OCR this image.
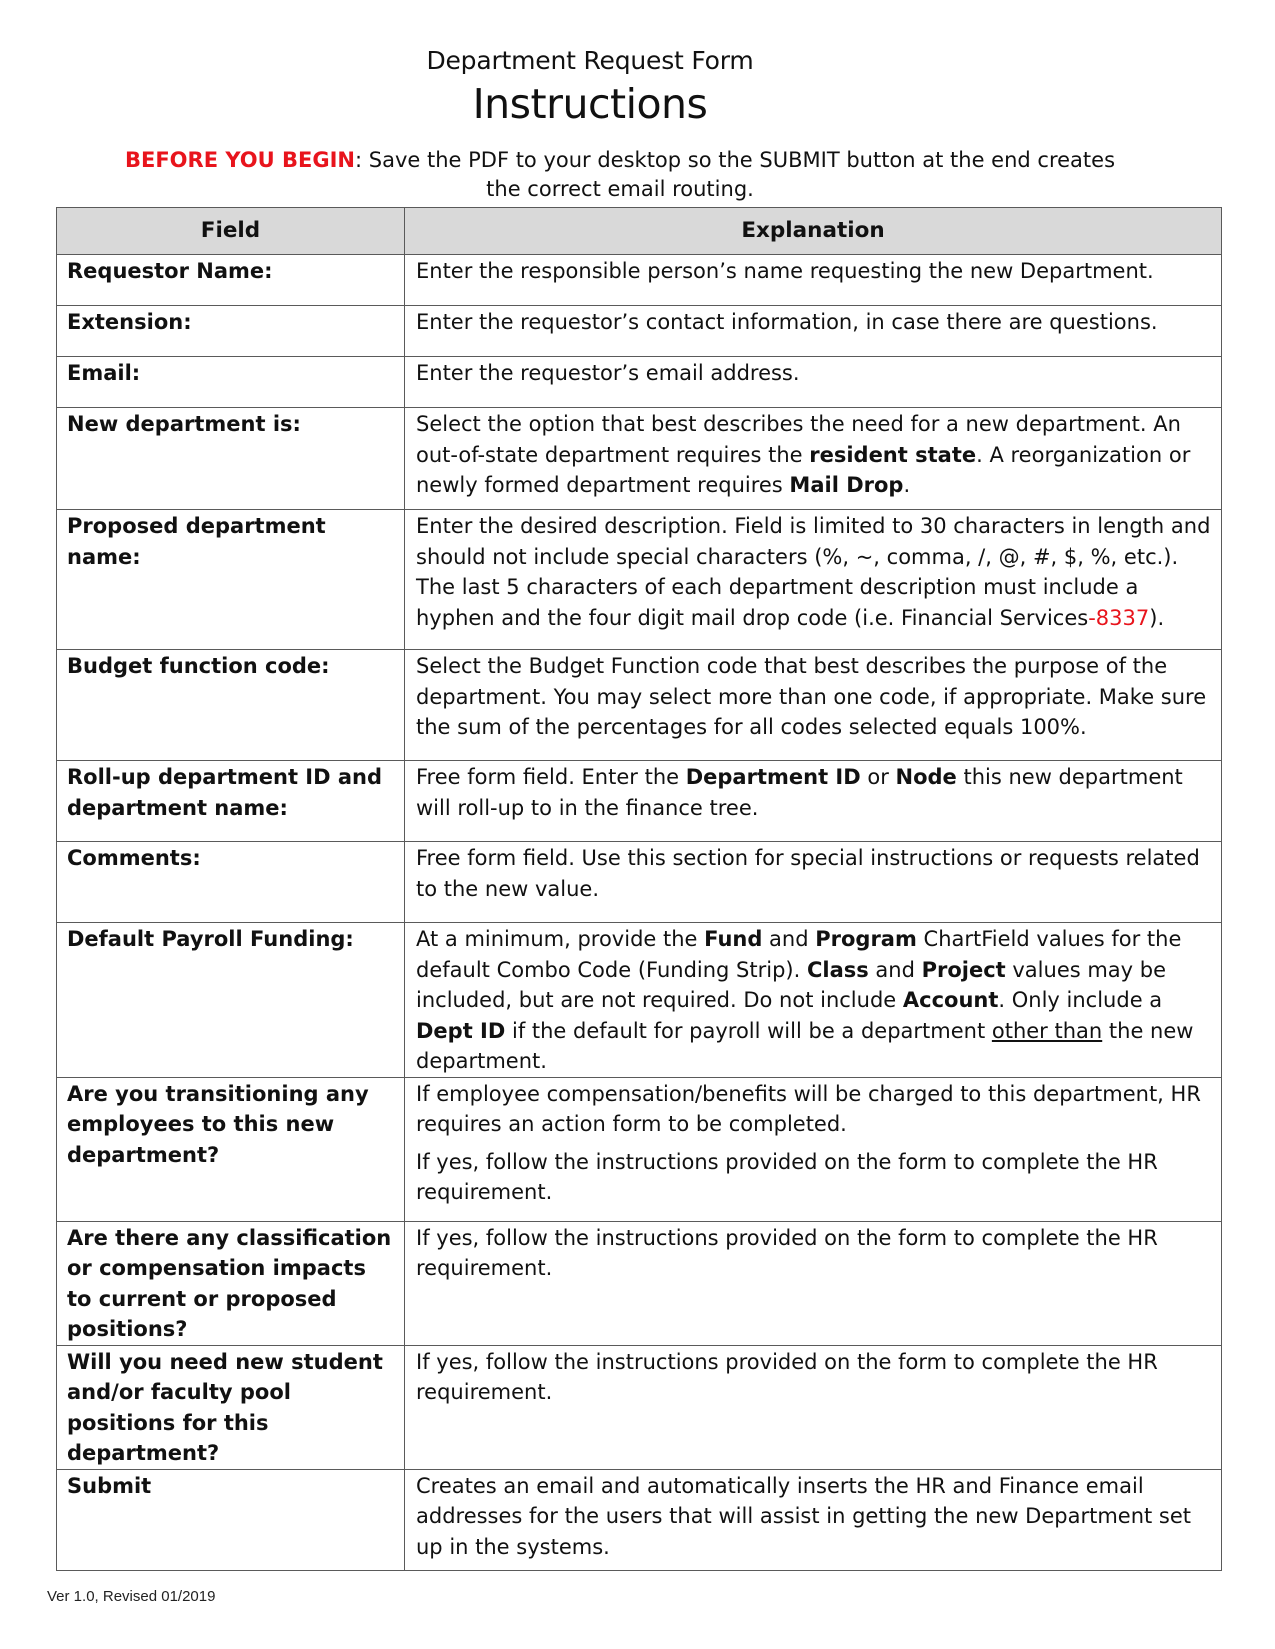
Department Request Form
Instructions
BEFORE YOU BEGIN: Save the PDF to your desktop so the SUBMIT button at the end creates the correct email routing.
Field	Explanation

Requestor Name:	Enter the responsible person’s name requesting the new Department.

Extension:	Enter the requestor’s contact information, in case there are questions.

Email:	Enter the requestor’s email address.

New department is:	Select the option that best describes the need for a new department. An out-of-state department requires the resident state. A reorganization or newly formed department requires Mail Drop.

Proposed department name:	Enter the desired description. Field is limited to 30 characters in length and should not include special characters (%, ~, comma, /, @, #, $, %, etc.). The last 5 characters of each department description must include a hyphen and the four digit mail drop code (i.e. Financial Services-8337).

Budget function code:	Select the Budget Function code that best describes the purpose of the department. You may select more than one code, if appropriate. Make sure the sum of the percentages for all codes selected equals 100%.

Roll-up department ID and department name:	Free form field. Enter the Department ID or Node this new department will roll-up to in the finance tree.

Comments:	Free form field. Use this section for special instructions or requests related to the new value.

Default Payroll Funding:	At a minimum, provide the Fund and Program ChartField values for the default Combo Code (Funding Strip). Class and Project values may be included, but are not required. Do not include Account. Only include a Dept ID if the default for payroll will be a department other than the new department.

Are you transitioning any employees to this new department?	If employee compensation/benefits will be charged to this department, HR requires an action form to be completed.
If yes, follow the instructions provided on the form to complete the HR requirement.

Are there any classification or compensation impacts to current or proposed positions?	If yes, follow the instructions provided on the form to complete the HR requirement.

Will you need new student and/or faculty pool positions for this department?	If yes, follow the instructions provided on the form to complete the HR requirement.

Submit	Creates an email and automatically inserts the HR and Finance email addresses for the users that will assist in getting the new Department set up in the systems.
Ver 1.0, Revised 01/2019
